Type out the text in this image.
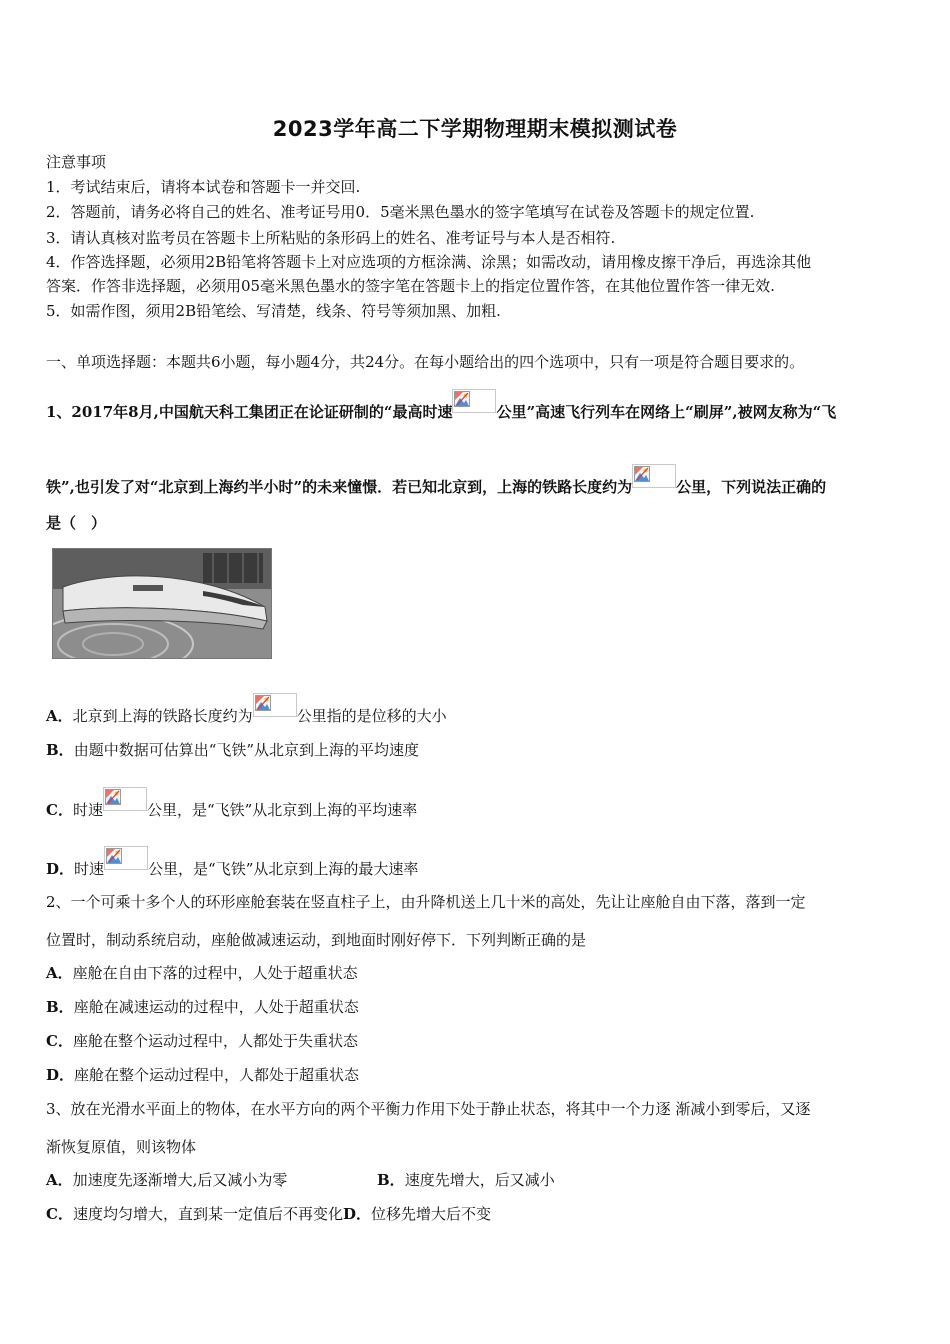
2023学年高二下学期物理期末模拟测试卷
注意事项
1．考试结束后，请将本试卷和答题卡一并交回.
2．答题前，请务必将自己的姓名、准考证号用0．5毫米黑色墨水的签字笔填写在试卷及答题卡的规定位置.
3．请认真核对监考员在答题卡上所粘贴的条形码上的姓名、准考证号与本人是否相符.
4．作答选择题，必须用2B铅笔将答题卡上对应选项的方框涂满、涂黑；如需改动，请用橡皮擦干净后，再选涂其他
答案．作答非选择题，必须用05毫米黑色墨水的签字笔在答题卡上的指定位置作答，在其他位置作答一律无效.
5．如需作图，须用2B铅笔绘、写清楚，线条、符号等须加黑、加粗.
一、单项选择题：本题共6小题，每小题4分，共24分。在每小题给出的四个选项中，只有一项是符合题目要求的。
1、2017年8月,中国航天科工集团正在论证研制的“最高时速	公里”高速飞行列车在网络上“刷屏”,被网友称为“飞
铁”,也引发了对“北京到上海约半小时”的未来憧憬．若已知北京到，上海的铁路长度约为	公里，下列说法正确的
是（　）
A．北京到上海的铁路长度约为	公里指的是位移的大小
B．由题中数据可估算出“飞铁”从北京到上海的平均速度
C．时速	公里，是“飞铁”从北京到上海的平均速率
D．时速	公里，是“飞铁”从北京到上海的最大速率
2、一个可乘十多个人的环形座舱套装在竖直柱子上，由升降机送上几十米的高处，先让让座舱自由下落，落到一定
位置时，制动系统启动，座舱做减速运动，到地面时刚好停下．下列判断正确的是
A．座舱在自由下落的过程中，人处于超重状态
B．座舱在减速运动的过程中，人处于超重状态
C．座舱在整个运动过程中，人都处于失重状态
D．座舱在整个运动过程中，人都处于超重状态
3、放在光滑水平面上的物体，在水平方向的两个平衡力作用下处于静止状态，将其中一个力逐 渐减小到零后，又逐
渐恢复原值，则该物体
A．加速度先逐渐增大,后又减小为零	B．速度先增大，后又减小
C．速度均匀增大，直到某一定值后不再变化D．位移先增大后不变
